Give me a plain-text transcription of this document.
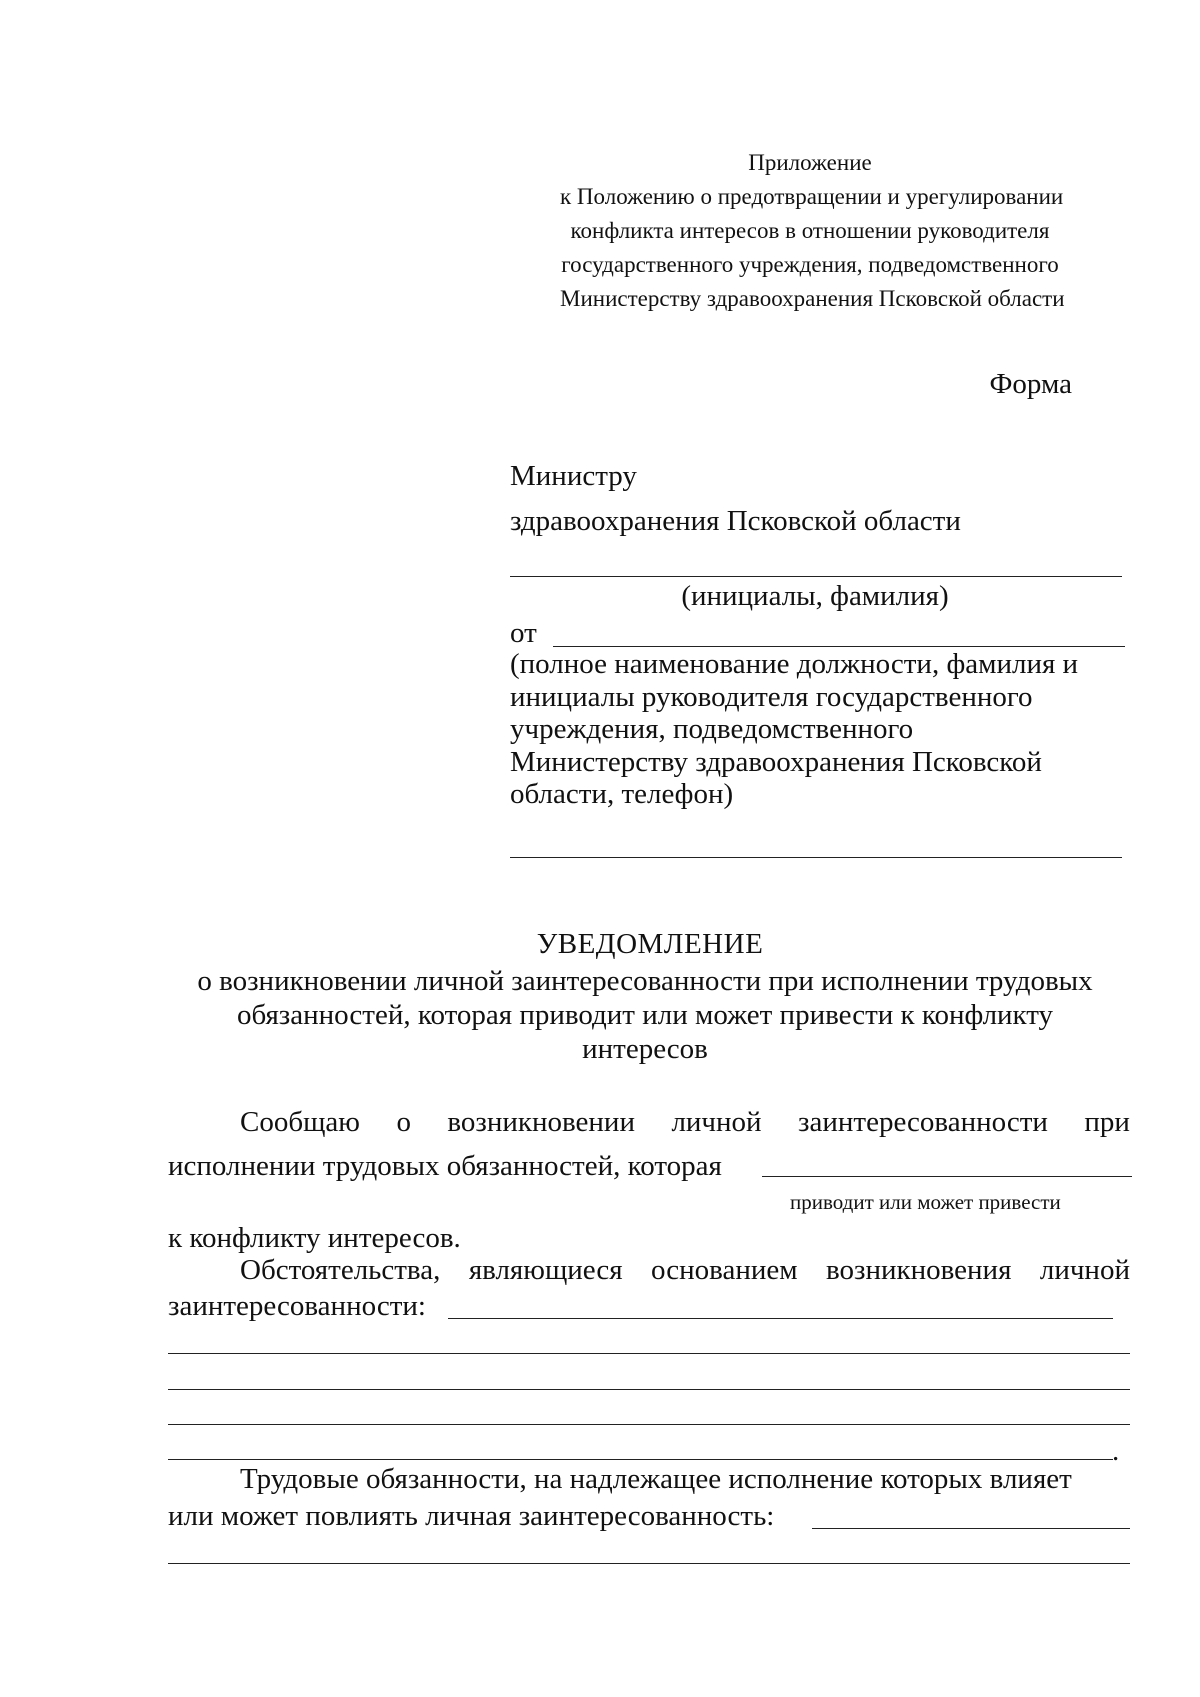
Приложение
к Положению о предотвращении и урегулировании
конфликта интересов в отношении руководителя
государственного учреждения, подведомственного
Министерству здравоохранения Псковской области
Форма
Министру
здравоохранения Псковской области
(инициалы, фамилия)
от
(полное наименование должности, фамилия и
инициалы руководителя государственного
учреждения, подведомственного
Министерству здравоохранения Псковской
области, телефон)
УВЕДОМЛЕНИЕ
о возникновении личной заинтересованности при исполнении трудовых
обязанностей, которая приводит или может привести к конфликту
интересов
Сообщаю о возникновении личной заинтересованности при
исполнении трудовых обязанностей, которая
приводит или может привести
к конфликту интересов.
Обстоятельства, являющиеся основанием возникновения личной
заинтересованности:
.
Трудовые обязанности, на надлежащее исполнение которых влияет
или может повлиять личная заинтересованность:
